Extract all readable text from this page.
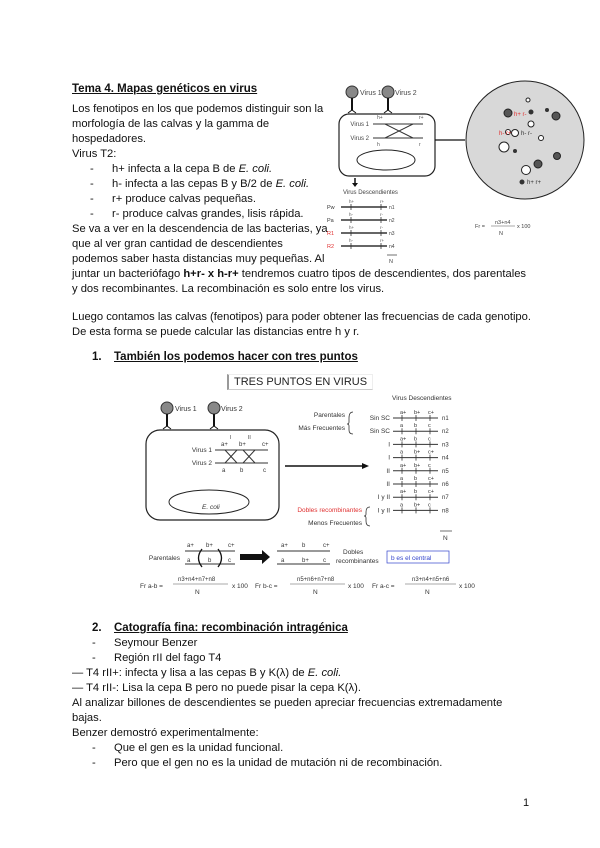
Tema 4. Mapas genéticos en virus
Los fenotipos en los que podemos distinguir son la
morfología de las calvas y la gamma de
hospedadores.
Virus T2:
- h+ infecta a la cepa B de E. coli.
- h- infecta a las cepas B y B/2 de E. coli.
- r+ produce calvas pequeñas.
- r- produce calvas grandes, lisis rápida.
Se va a ver en la descendencia de las bacterias, ya
que al ver gran cantidad de descendientes
podemos saber hasta distancias muy pequeñas. Al
juntar un bacteriófago h+r- x h-r+ tendremos cuatro tipos de descendientes, dos parentales
y dos recombinantes. La recombinación es solo entre los virus.
Luego contamos las calvas (fenotipos) para poder obtener las frecuencias de cada genotipo.
De esta forma se puede calcular las distancias entre h y r.
1. También los podemos hacer con tres puntos
2. Catografía fina: recombinación intragénica
- Seymour Benzer
- Región rII del fago T4
— T4 rII+: infecta y lisa a las cepas B y K(λ) de E. coli.
— T4 rII-: Lisa la cepa B pero no puede pisar la cepa K(λ).
Al analizar billones de descendientes se pueden apreciar frecuencias extremadamente
bajas.
Benzer demostró experimentalmente:
- Que el gen es la unidad funcional.
- Pero que el gen no es la unidad de mutación ni de recombinación.
1
Virus 1 Virus 2
Virus 1
Virus 2
h+	r+
h	r
Virus Descendientes
Pw
h+	r+
n1
Pa
h-	r-
n2
R1
h+	r-
n3
R2
h-	r+
n4
N
Fr =
n3+n4
N
x 100
h+ r-
h- r+ h- r-
h+ r+
TRES PUNTOS EN VIRUS
Virus 1	Virus 2
E. coli
Virus 1
Virus 2
a+ b+	c+
I	II
a b	c
Virus Descendientes
Parentales
Más Frecuentes
Dobles recombinantes
Menos Frecuentes
Sin SC
a+ b+ c+
n1
Sin SC
a b c
n2
I
a+ b c
n3
I
a b+ c+
n4
II
a+ b+ c
n5
II
a b c+
n6
I y II
a+ b c+
n7
I y II
a b+ c
n8
N
Parentales
a+ b+	c+
a	b	c
a+ b	c+
a	b+ c
Dobles
recombinantes b es el central
Fr a-b =
n3+n4+n7+n8
N
x 100 Fr b-c =
n5+n6+n7+n8
N
x 100 Fr a-c =
n3+n4+n5+n6
N
x 100
